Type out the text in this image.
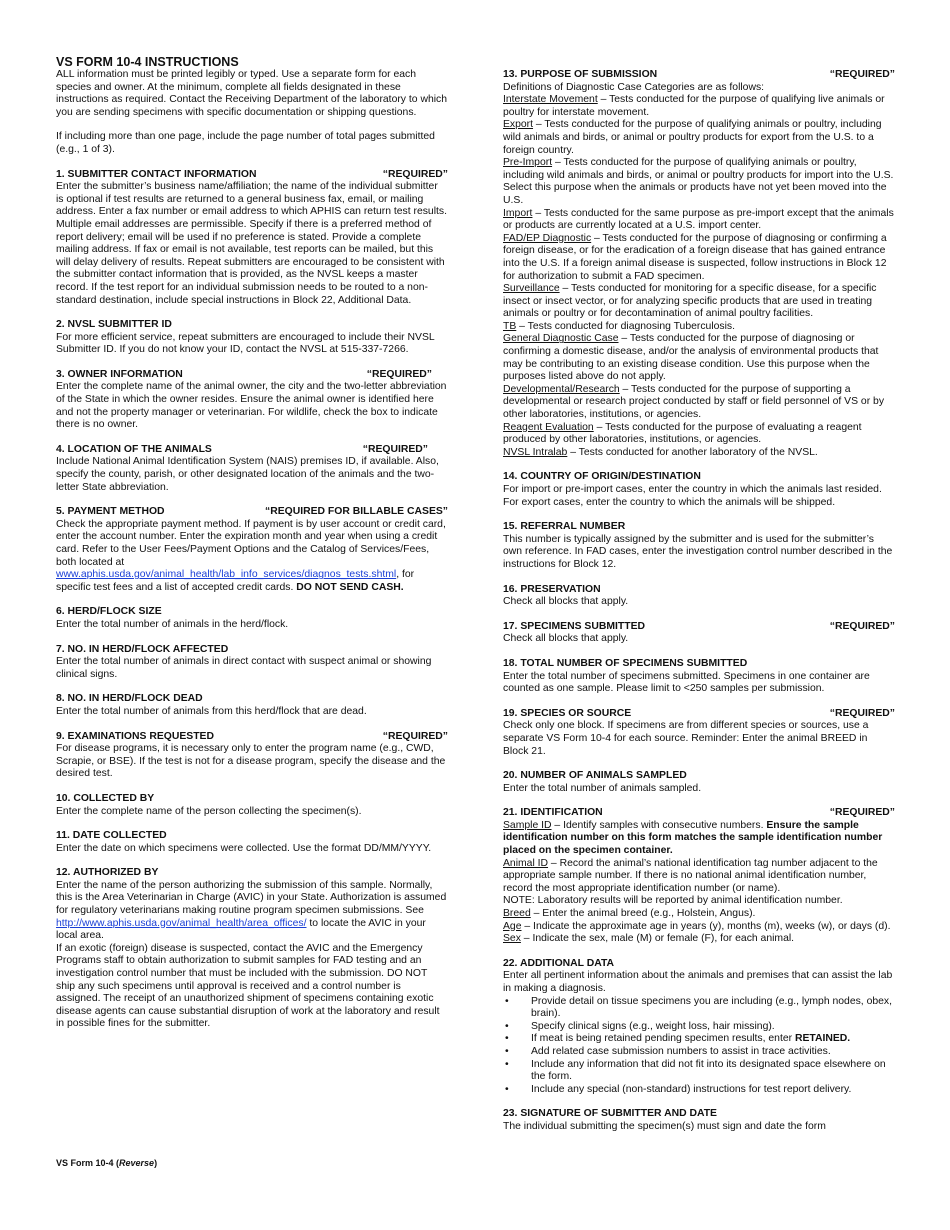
VS FORM 10-4 INSTRUCTIONS

ALL information must be printed legibly or typed. Use a separate form for each species and owner. At the minimum, complete all fields designated in these instructions as required. Contact the Receiving Department of the laboratory to which you are sending specimens with specific documentation or shipping questions.

If including more than one page, include the page number of total pages submitted (e.g., 1 of 3).

1. SUBMITTER CONTACT INFORMATION	“REQUIRED”

Enter the submitter’s business name/affiliation; the name of the individual submitter is optional if test results are returned to a general business fax, email, or mailing address. Enter a fax number or email address to which APHIS can return test results. Multiple email addresses are permissible. Specify if there is a preferred method of report delivery; email will be used if no preference is stated. Provide a complete mailing address. If fax or email is not available, test reports can be mailed, but this will delay delivery of results. Repeat submitters are encouraged to be consistent with the submitter contact information that is provided, as the NVSL keeps a master record. If the test report for an individual submission needs to be routed to a non-standard destination, include special instructions in Block 22, Additional Data.

2. NVSL SUBMITTER ID

For more efficient service, repeat submitters are encouraged to include their NVSL Submitter ID. If you do not know your ID, contact the NVSL at 515-337-7266.

3. OWNER INFORMATION	“REQUIRED”

Enter the complete name of the animal owner, the city and the two-letter abbreviation of the State in which the owner resides. Ensure the animal owner is identified here and not the property manager or veterinarian. For wildlife, check the box to indicate there is no owner.

4. LOCATION OF THE ANIMALS	“REQUIRED”

Include National Animal Identification System (NAIS) premises ID, if available. Also, specify the county, parish, or other designated location of the animals and the two-letter State abbreviation.

5. PAYMENT METHOD	“REQUIRED FOR BILLABLE CASES”

Check the appropriate payment method. If payment is by user account or credit card, enter the account number. Enter the expiration month and year when using a credit card. Refer to the User Fees/Payment Options and the Catalog of Services/Fees, both located at
www.aphis.usda.gov/animal_health/lab_info_services/diagnos_tests.shtml, for specific test fees and a list of accepted credit cards. DO NOT SEND CASH.

6. HERD/FLOCK SIZE

Enter the total number of animals in the herd/flock.

7. NO. IN HERD/FLOCK AFFECTED

Enter the total number of animals in direct contact with suspect animal or showing clinical signs.

8. NO. IN HERD/FLOCK DEAD

Enter the total number of animals from this herd/flock that are dead.

9. EXAMINATIONS REQUESTED	“REQUIRED”

For disease programs, it is necessary only to enter the program name (e.g., CWD, Scrapie, or BSE). If the test is not for a disease program, specify the disease and the desired test.

10. COLLECTED BY

Enter the complete name of the person collecting the specimen(s).

11. DATE COLLECTED

Enter the date on which specimens were collected. Use the format DD/MM/YYYY.

12. AUTHORIZED BY

Enter the name of the person authorizing the submission of this sample. Normally, this is the Area Veterinarian in Charge (AVIC) in your State. Authorization is assumed for regulatory veterinarians making routine program specimen submissions. See
http://www.aphis.usda.gov/animal_health/area_offices/ to locate the AVIC in your local area.

If an exotic (foreign) disease is suspected, contact the AVIC and the Emergency Programs staff to obtain authorization to submit samples for FAD testing and an investigation control number that must be included with the submission. DO NOT ship any such specimens until approval is received and a control number is assigned. The receipt of an unauthorized shipment of specimens containing exotic disease agents can cause substantial disruption of work at the laboratory and result in possible fines for the submitter.

13. PURPOSE OF SUBMISSION	“REQUIRED”

Definitions of Diagnostic Case Categories are as follows:

Interstate Movement – Tests conducted for the purpose of qualifying live animals or poultry for interstate movement.

Export – Tests conducted for the purpose of qualifying animals or poultry, including wild animals and birds, or animal or poultry products for export from the U.S. to a foreign country.

Pre-Import – Tests conducted for the purpose of qualifying animals or poultry, including wild animals and birds, or animal or poultry products for import into the U.S. Select this purpose when the animals or products have not yet been moved into the U.S.

Import – Tests conducted for the same purpose as pre-import except that the animals or products are currently located at a U.S. import center.

FAD/EP Diagnostic – Tests conducted for the purpose of diagnosing or confirming a foreign disease, or for the eradication of a foreign disease that has gained entrance into the U.S. If a foreign animal disease is suspected, follow instructions in Block 12 for authorization to submit a FAD specimen.

Surveillance – Tests conducted for monitoring for a specific disease, for a specific insect or insect vector, or for analyzing specific products that are used in treating animals or poultry or for decontamination of animal poultry facilities.

TB – Tests conducted for diagnosing Tuberculosis.

General Diagnostic Case – Tests conducted for the purpose of diagnosing or confirming a domestic disease, and/or the analysis of environmental products that may be contributing to an existing disease condition. Use this purpose when the purposes listed above do not apply.

Developmental/Research – Tests conducted for the purpose of supporting a developmental or research project conducted by staff or field personnel of VS or by other laboratories, institutions, or agencies.

Reagent Evaluation – Tests conducted for the purpose of evaluating a reagent produced by other laboratories, institutions, or agencies.

NVSL Intralab – Tests conducted for another laboratory of the NVSL.

14. COUNTRY OF ORIGIN/DESTINATION

For import or pre-import cases, enter the country in which the animals last resided. For export cases, enter the country to which the animals will be shipped.

15. REFERRAL NUMBER

This number is typically assigned by the submitter and is used for the submitter’s own reference. In FAD cases, enter the investigation control number described in the instructions for Block 12.

16. PRESERVATION

Check all blocks that apply.

17. SPECIMENS SUBMITTED	“REQUIRED”

Check all blocks that apply.

18. TOTAL NUMBER OF SPECIMENS SUBMITTED

Enter the total number of specimens submitted. Specimens in one container are counted as one sample. Please limit to <250 samples per submission.

19. SPECIES OR SOURCE	“REQUIRED”

Check only one block. If specimens are from different species or sources, use a separate VS Form 10-4 for each source. Reminder: Enter the animal BREED in Block 21.

20. NUMBER OF ANIMALS SAMPLED

Enter the total number of animals sampled.

21. IDENTIFICATION	“REQUIRED”

Sample ID – Identify samples with consecutive numbers. Ensure the sample identification number on this form matches the sample identification number placed on the specimen container.

Animal ID – Record the animal’s national identification tag number adjacent to the appropriate sample number. If there is no national animal identification number, record the most appropriate identification number (or name).

NOTE: Laboratory results will be reported by animal identification number.

Breed – Enter the animal breed (e.g., Holstein, Angus).

Age – Indicate the approximate age in years (y), months (m), weeks (w), or days (d).

Sex – Indicate the sex, male (M) or female (F), for each animal.

22. ADDITIONAL DATA

Enter all pertinent information about the animals and premises that can assist the lab in making a diagnosis.

• Provide detail on tissue specimens you are including (e.g., lymph nodes, obex, brain).
• Specify clinical signs (e.g., weight loss, hair missing).
• If meat is being retained pending specimen results, enter RETAINED.
• Add related case submission numbers to assist in trace activities.
• Include any information that did not fit into its designated space elsewhere on the form.
• Include any special (non-standard) instructions for test report delivery.
23. SIGNATURE OF SUBMITTER AND DATE

The individual submitting the specimen(s) must sign and date the form

VS Form 10-4 (Reverse)
